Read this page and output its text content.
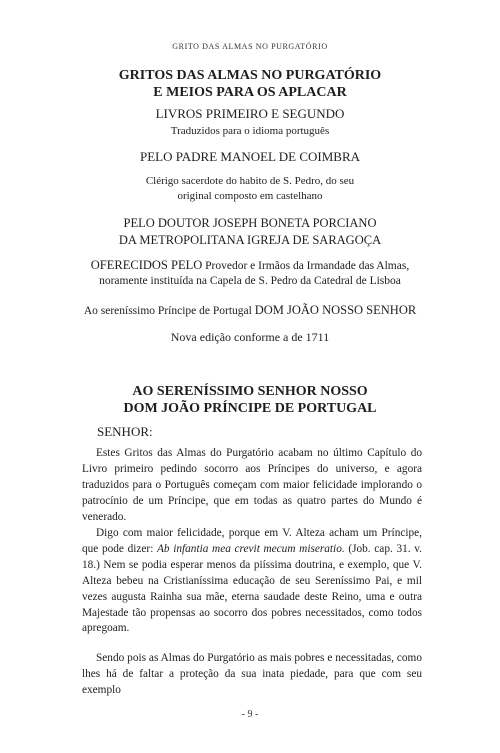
GRITO DAS ALMAS NO PURGATÓRIO
GRITOS DAS ALMAS NO PURGATÓRIO
E MEIOS PARA OS APLACAR
LIVROS PRIMEIRO E SEGUNDO
Traduzidos para o idioma português
PELO PADRE MANOEL DE COIMBRA
Clérigo sacerdote do habito de S. Pedro, do seu
original composto em castelhano
PELO DOUTOR JOSEPH BONETA PORCIANO
DA METROPOLITANA IGREJA DE SARAGOÇA
OFERECIDOS PELO Provedor e Irmãos da Irmandade das Almas,
noramente instituída na Capela de S. Pedro da Catedral de Lisboa
Ao sereníssimo Príncipe de Portugal DOM JOÃO NOSSO SENHOR
Nova edição conforme a de 1711
AO SERENÍSSIMO SENHOR NOSSO
DOM JOÃO PRÍNCIPE DE PORTUGAL
SENHOR:

Estes Gritos das Almas do Purgatório acabam no último Capítulo do Livro primeiro pedindo socorro aos Príncipes do universo, e agora traduzidos para o Português começam com maior felicidade implorando o patrocínio de um Príncipe, que em todas as quatro partes do Mundo é venerado.

Digo com maior felicidade, porque em V. Alteza acham um Príncipe, que pode dizer: Ab infantia mea crevit mecum miseratio. (Job. cap. 31. v. 18.) Nem se podia esperar menos da piíssima doutrina, e exemplo, que V. Alteza bebeu na Cristianíssima educação de seu Sereníssimo Pai, e mil vezes augusta Rainha sua mãe, eterna saudade deste Reino, uma e outra Majestade tão propensas ao socorro dos pobres necessitados, como todos apregoam.

Sendo pois as Almas do Purgatório as mais pobres e necessitadas, como lhes há de faltar a proteção da sua inata piedade, para que com seu exemplo

- 9 -
